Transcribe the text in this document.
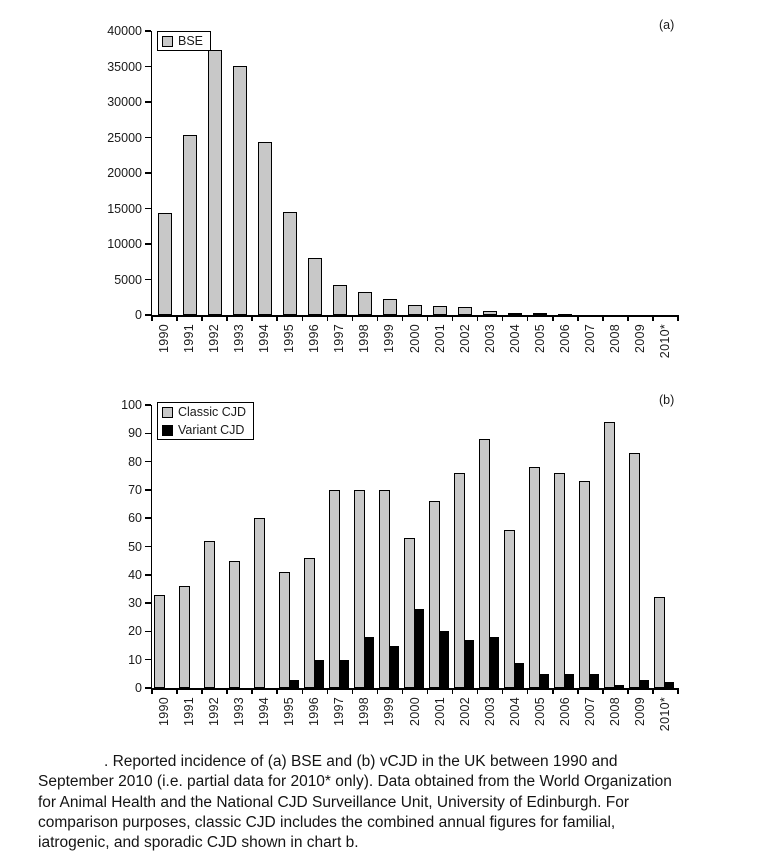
. Reported incidence of (a) BSE and (b) vCJD in the UK between 1990 and
September 2010 (i.e. partial data for 2010* only). Data obtained from the World Organization
for Animal Health and the National CJD Surveillance Unit, University of Edinburgh. For
comparison purposes, classic CJD includes the combined annual figures for familial,
iatrogenic, and sporadic CJD shown in chart b.
0
5000
10000
15000
20000
25000
30000
35000
40000
1990 1991 1992 1993 1994 1995 1996 1997 1998 1999 2000 2001 2002 2003 2004 2005 2006 2007 2008 2009 2010*
BSE
(a)
0
10
20
30
40
50
60
70
80
90
100
1990 1991 1992 1993 1994 1995 1996 1997 1998 1999 2000 2001 2002 2003 2004 2005 2006 2007 2008 2009 2010*
Classic CJD
Variant CJD
(b)
